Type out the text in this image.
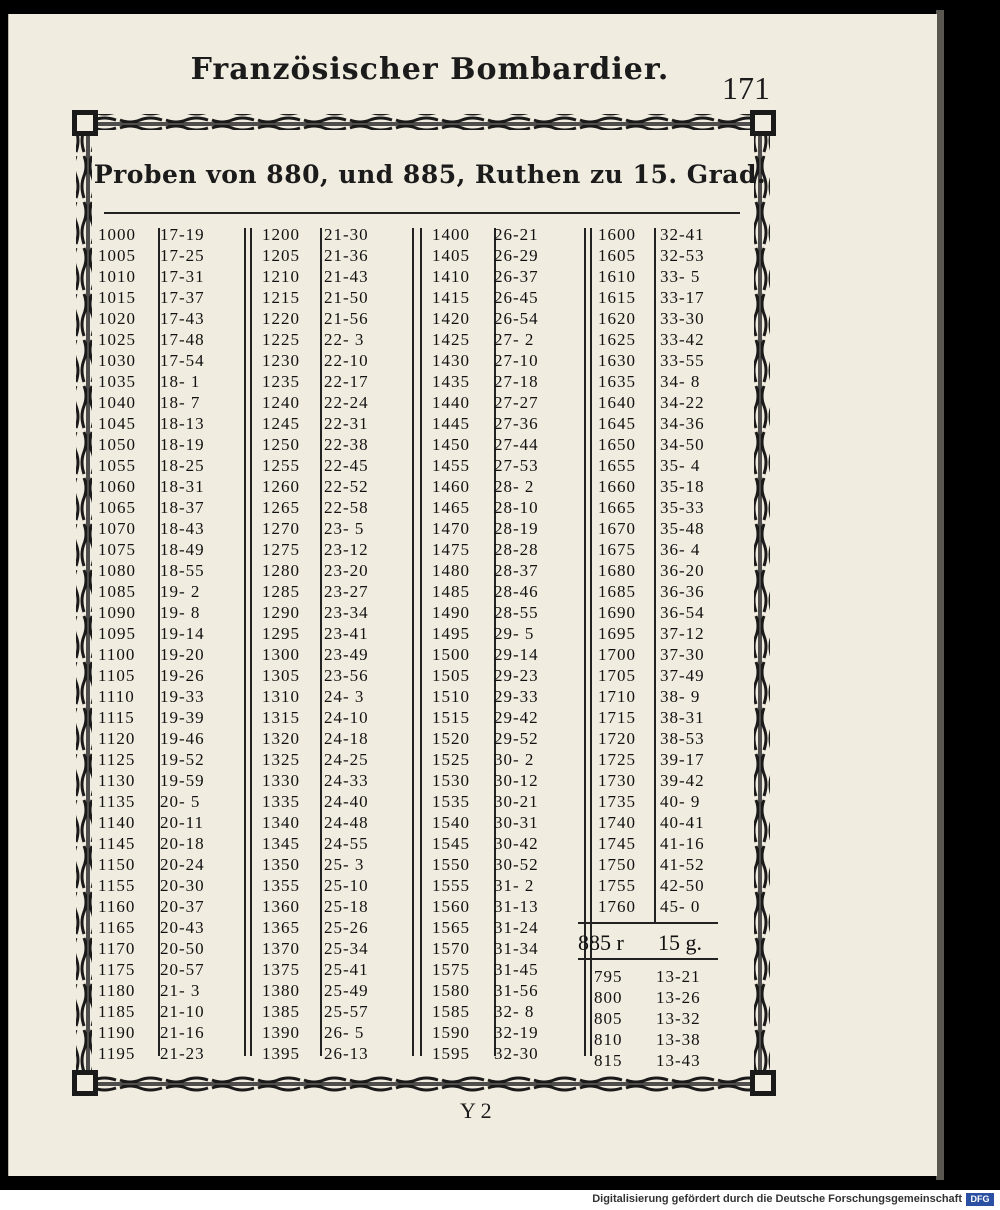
Französischer Bombardier.
171
Proben von 880, und 885, Ruthen zu 15. Grad.
1000 17-19
1005 17-25
1010 17-31
1015 17-37
1020 17-43
1025 17-48
1030 17-54
1035 18- 1
1040 18- 7
1045 18-13
1050 18-19
1055 18-25
1060 18-31
1065 18-37
1070 18-43
1075 18-49
1080 18-55
1085 19- 2
1090 19- 8
1095 19-14
1100 19-20
1105 19-26
1110 19-33
1115 19-39
1120 19-46
1125 19-52
1130 19-59
1135 20- 5
1140 20-11
1145 20-18
1150 20-24
1155 20-30
1160 20-37
1165 20-43
1170 20-50
1175 20-57
1180 21- 3
1185 21-10
1190 21-16
1195 21-23
1200 21-30
1205 21-36
1210 21-43
1215 21-50
1220 21-56
1225 22- 3
1230 22-10
1235 22-17
1240 22-24
1245 22-31
1250 22-38
1255 22-45
1260 22-52
1265 22-58
1270 23- 5
1275 23-12
1280 23-20
1285 23-27
1290 23-34
1295 23-41
1300 23-49
1305 23-56
1310 24- 3
1315 24-10
1320 24-18
1325 24-25
1330 24-33
1335 24-40
1340 24-48
1345 24-55
1350 25- 3
1355 25-10
1360 25-18
1365 25-26
1370 25-34
1375 25-41
1380 25-49
1385 25-57
1390 26- 5
1395 26-13
1400 26-21
1405 26-29
1410 26-37
1415 26-45
1420 26-54
1425 27- 2
1430 27-10
1435 27-18
1440 27-27
1445 27-36
1450 27-44
1455 27-53
1460 28- 2
1465 28-10
1470 28-19
1475 28-28
1480 28-37
1485 28-46
1490 28-55
1495 29- 5
1500 29-14
1505 29-23
1510 29-33
1515 29-42
1520 29-52
1525 30- 2
1530 30-12
1535 30-21
1540 30-31
1545 30-42
1550 30-52
1555 31- 2
1560 31-13
1565 31-24
1570 31-34
1575 31-45
1580 31-56
1585 32- 8
1590 32-19
1595 32-30
1600 32-41
1605 32-53
1610 33- 5
1615 33-17
1620 33-30
1625 33-42
1630 33-55
1635 34- 8
1640 34-22
1645 34-36
1650 34-50
1655 35- 4
1660 35-18
1665 35-33
1670 35-48
1675 36- 4
1680 36-20
1685 36-36
1690 36-54
1695 37-12
1700 37-30
1705 37-49
1710 38- 9
1715 38-31
1720 38-53
1725 39-17
1730 39-42
1735 40- 9
1740 40-41
1745 41-16
1750 41-52
1755 42-50
1760 45- 0
885 r 15 g.
795 13-21
800 13-26
805 13-32
810 13-38
815 13-43
Y 2
Digitalisierung gefördert durch die Deutsche Forschungsgemeinschaft DFG
